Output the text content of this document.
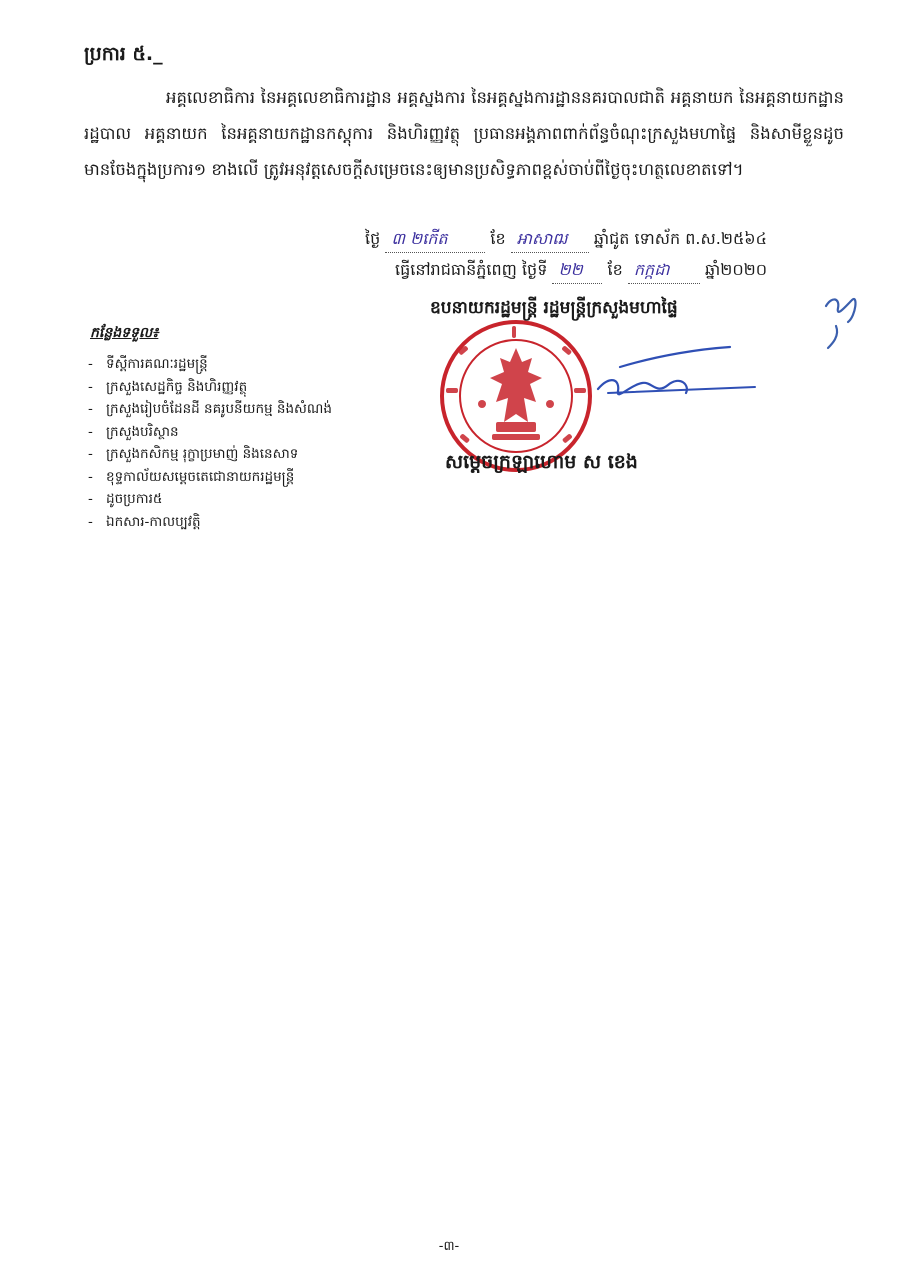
ប្រការ ៥._
អគ្គលេខាធិការ នៃអគ្គលេខាធិការដ្ឋាន អគ្គស្នងការ នៃអគ្គស្នងការដ្ឋាននគរបាលជាតិ អគ្គនាយក នៃអគ្គនាយកដ្ឋានរដ្ឋបាល អគ្គនាយក នៃអគ្គនាយកដ្ឋានកស្ដុការ និងហិរញ្ញវត្ថុ ប្រធានអង្គភាពពាក់ព័ន្ធចំណុះក្រសួងមហាផ្ទៃ និងសាមីខ្លួនដូចមានចែងក្នុងប្រការ១ ខាងលើ ត្រូវអនុវត្តសេចក្ដីសម្រេចនេះឲ្យមានប្រសិទ្ធភាពខ្ពស់ចាប់ពីថ្ងៃចុះហត្ថលេខាតទៅ។
ថ្ងៃ ៣ ២កើត	ខែ អាសាឍ ឆ្នាំជូត ទោស័ក ព.ស.២៥៦៤
ធ្វើនៅរាជធានីភ្នំពេញ ថ្ងៃទី ២២ ខែ កក្កដា ឆ្នាំ២០២០
ឧបនាយករដ្ឋមន្ត្រី រដ្ឋមន្ត្រីក្រសួងមហាផ្ទៃ
សម្តេចក្រឡាហោម ស ខេង
កន្លែងទទួល៖
- ទីស្ដីការគណៈរដ្ឋមន្ត្រី
- ក្រសួងសេដ្ឋកិច្ច និងហិរញ្ញវត្ថុ
- ក្រសួងរៀបចំដែនដី នគរូបនីយកម្ម និងសំណង់
- ក្រសួងបរិស្ថាន
- ក្រសួងកសិកម្ម រុក្ខាប្រមាញ់ និងនេសាទ
- ខុទ្ទកាល័យសម្តេចតេជោនាយករដ្ឋមន្ត្រី
- ដូចប្រការ៥
- ឯកសារ-កាលប្បវត្តិ
-៣-
